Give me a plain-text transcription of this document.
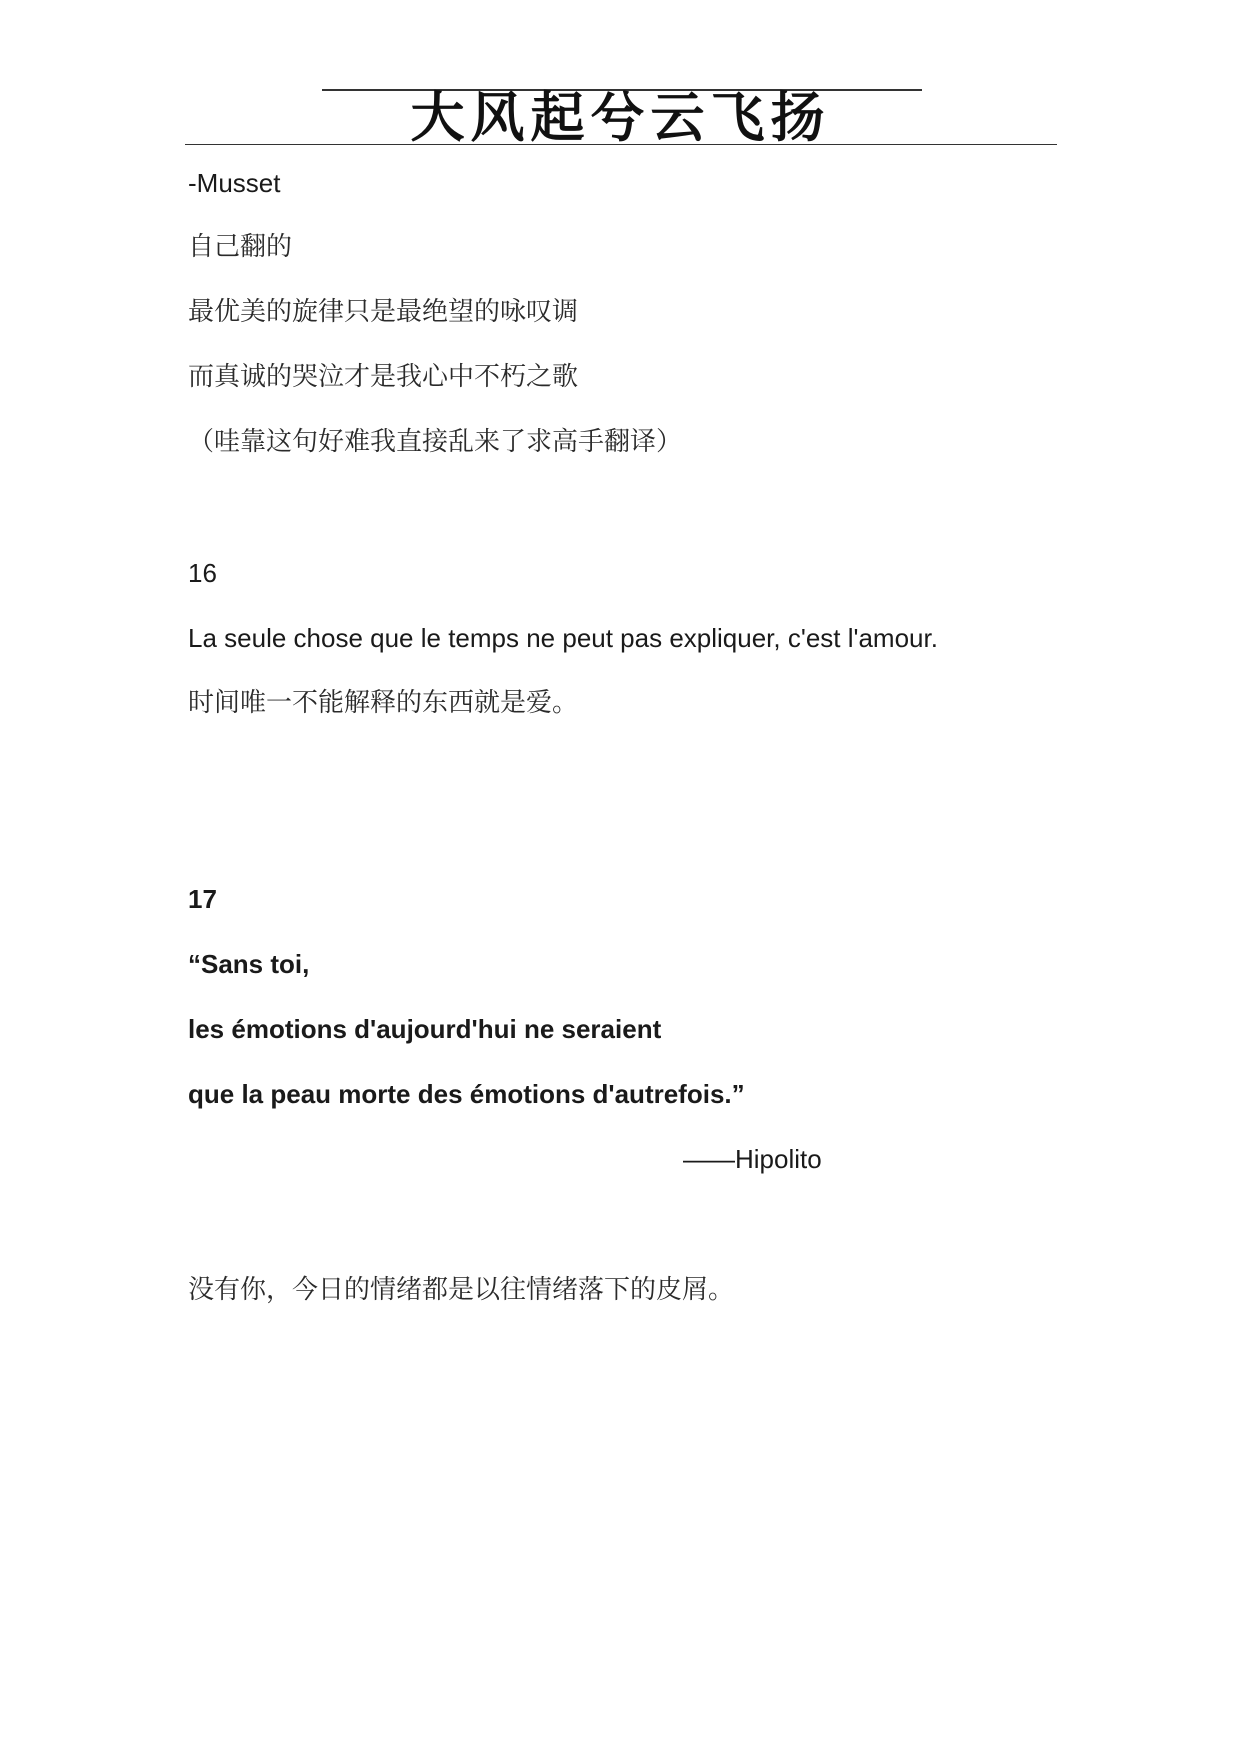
大风起兮云飞扬
-Musset
自己翻的
最优美的旋律只是最绝望的咏叹调
而真诚的哭泣才是我心中不朽之歌
（哇靠这句好难我直接乱来了求高手翻译）
16
La seule chose que le temps ne peut pas expliquer, c'est l'amour.
时间唯一不能解释的东西就是爱。
17
“Sans toi,
les émotions d'aujourd'hui ne seraient
que la peau morte des émotions d'autrefois.”
——Hipolito
没有你，今日的情绪都是以往情绪落下的皮屑。
